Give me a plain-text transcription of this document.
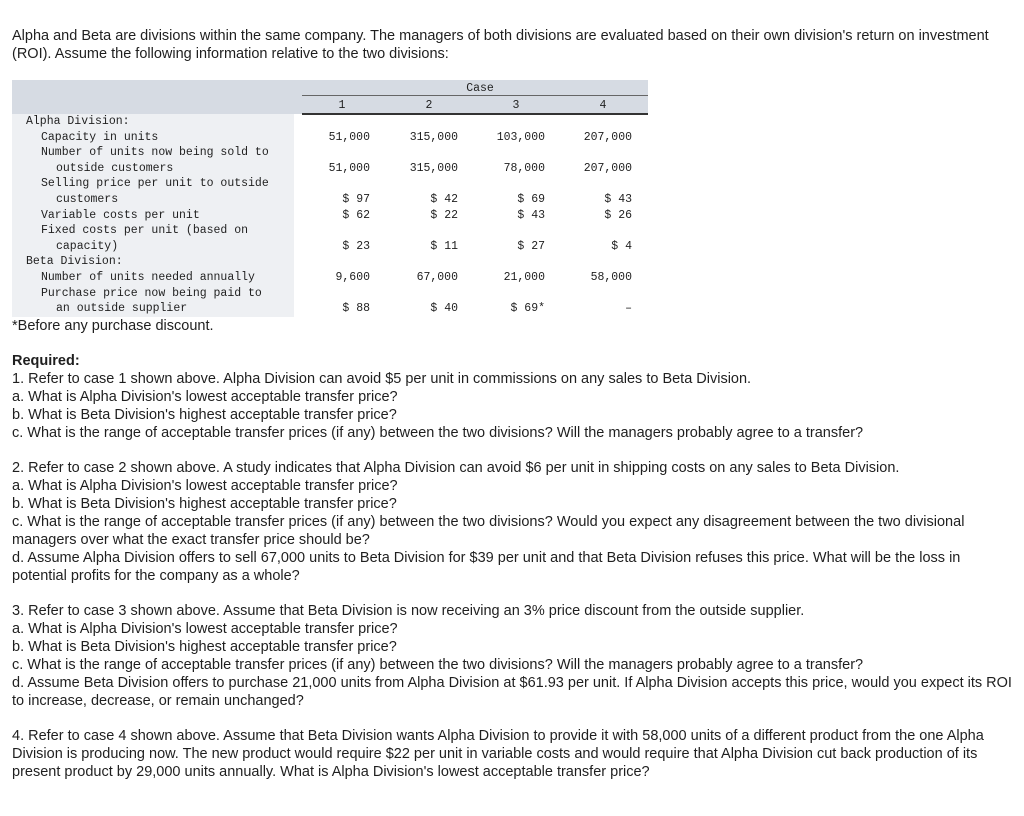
Alpha and Beta are divisions within the same company. The managers of both divisions are evaluated based on their own division's return on investment (ROI). Assume the following information relative to the two divisions:
Case
1	2	3	4
Alpha Division:
Capacity in units	51,000	315,000	103,000	207,000
Number of units now being sold to
outside customers	51,000	315,000	78,000	207,000
Selling price per unit to outside
customers	$ 97	$ 42	$ 69	$ 43
Variable costs per unit	$ 62	$ 22	$ 43	$ 26
Fixed costs per unit (based on
capacity)	$ 23	$ 11	$ 27	$ 4
Beta Division:
Number of units needed annually	9,600	67,000	21,000	58,000
Purchase price now being paid to
an outside supplier	$ 88	$ 40	$ 69*	–
*Before any purchase discount.

Required:

1. Refer to case 1 shown above. Alpha Division can avoid $5 per unit in commissions on any sales to Beta Division.

a. What is Alpha Division's lowest acceptable transfer price?

b. What is Beta Division's highest acceptable transfer price?

c. What is the range of acceptable transfer prices (if any) between the two divisions? Will the managers probably agree to a transfer?

2. Refer to case 2 shown above. A study indicates that Alpha Division can avoid $6 per unit in shipping costs on any sales to Beta Division.

a. What is Alpha Division's lowest acceptable transfer price?

b. What is Beta Division's highest acceptable transfer price?

c. What is the range of acceptable transfer prices (if any) between the two divisions? Would you expect any disagreement between the two divisional managers over what the exact transfer price should be?

d. Assume Alpha Division offers to sell 67,000 units to Beta Division for $39 per unit and that Beta Division refuses this price. What will be the loss in potential profits for the company as a whole?

3. Refer to case 3 shown above. Assume that Beta Division is now receiving an 3% price discount from the outside supplier.

a. What is Alpha Division's lowest acceptable transfer price?

b. What is Beta Division's highest acceptable transfer price?

c. What is the range of acceptable transfer prices (if any) between the two divisions? Will the managers probably agree to a transfer?

d. Assume Beta Division offers to purchase 21,000 units from Alpha Division at $61.93 per unit. If Alpha Division accepts this price, would you expect its ROI to increase, decrease, or remain unchanged?

4. Refer to case 4 shown above. Assume that Beta Division wants Alpha Division to provide it with 58,000 units of a different product from the one Alpha Division is producing now. The new product would require $22 per unit in variable costs and would require that Alpha Division cut back production of its present product by 29,000 units annually. What is Alpha Division's lowest acceptable transfer price?
